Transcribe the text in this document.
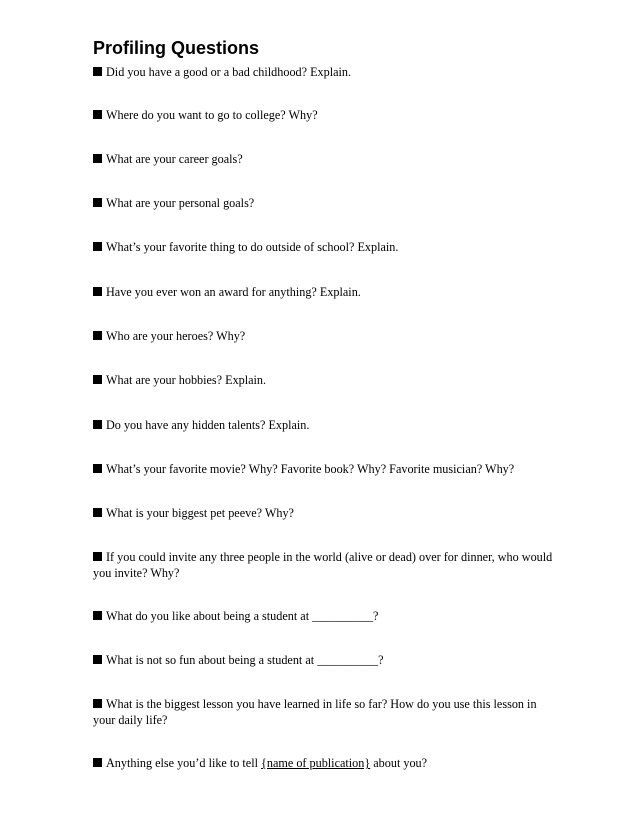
Profiling Questions
Did you have a good or a bad childhood? Explain.
Where do you want to go to college? Why?
What are your career goals?
What are your personal goals?
What’s your favorite thing to do outside of school? Explain.
Have you ever won an award for anything? Explain.
Who are your heroes? Why?
What are your hobbies? Explain.
Do you have any hidden talents? Explain.
What’s your favorite movie? Why? Favorite book? Why? Favorite musician? Why?
What is your biggest pet peeve? Why?
If you could invite any three people in the world (alive or dead) over for dinner, who would you invite? Why?
What do you like about being a student at __________?
What is not so fun about being a student at __________?
What is the biggest lesson you have learned in life so far? How do you use this lesson in your daily life?
Anything else you’d like to tell {name of publication} about you?
